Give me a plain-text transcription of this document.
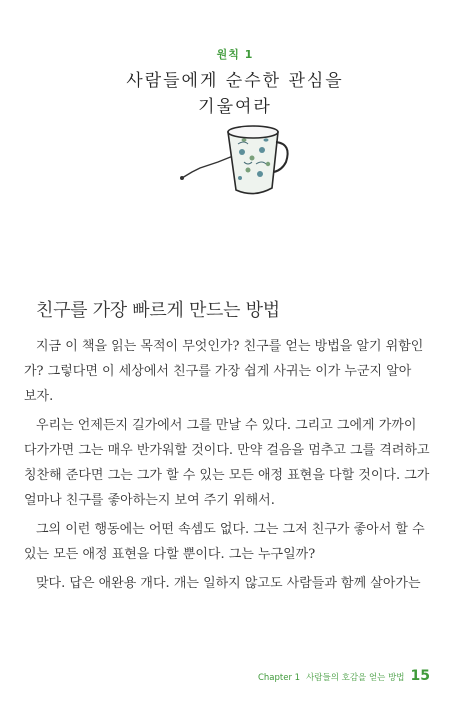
원칙 1
사람들에게 순수한 관심을
기울여라
친구를 가장 빠르게 만드는 방법

지금 이 책을 읽는 목적이 무엇인가? 친구를 얻는 방법을 알기 위함인
가? 그렇다면 이 세상에서 친구를 가장 쉽게 사귀는 이가 누군지 알아
보자.

우리는 언제든지 길가에서 그를 만날 수 있다. 그리고 그에게 가까이
다가가면 그는 매우 반가워할 것이다. 만약 걸음을 멈추고 그를 격려하고
칭찬해 준다면 그는 그가 할 수 있는 모든 애정 표현을 다할 것이다. 그가
얼마나 친구를 좋아하는지 보여 주기 위해서.

그의 이런 행동에는 어떤 속셈도 없다. 그는 그저 친구가 좋아서 할 수
있는 모든 애정 표현을 다할 뿐이다. 그는 누구일까?

맞다. 답은 애완용 개다. 개는 일하지 않고도 사람들과 함께 살아가는

Chapter 1 사람들의 호감을 얻는 방법 15
